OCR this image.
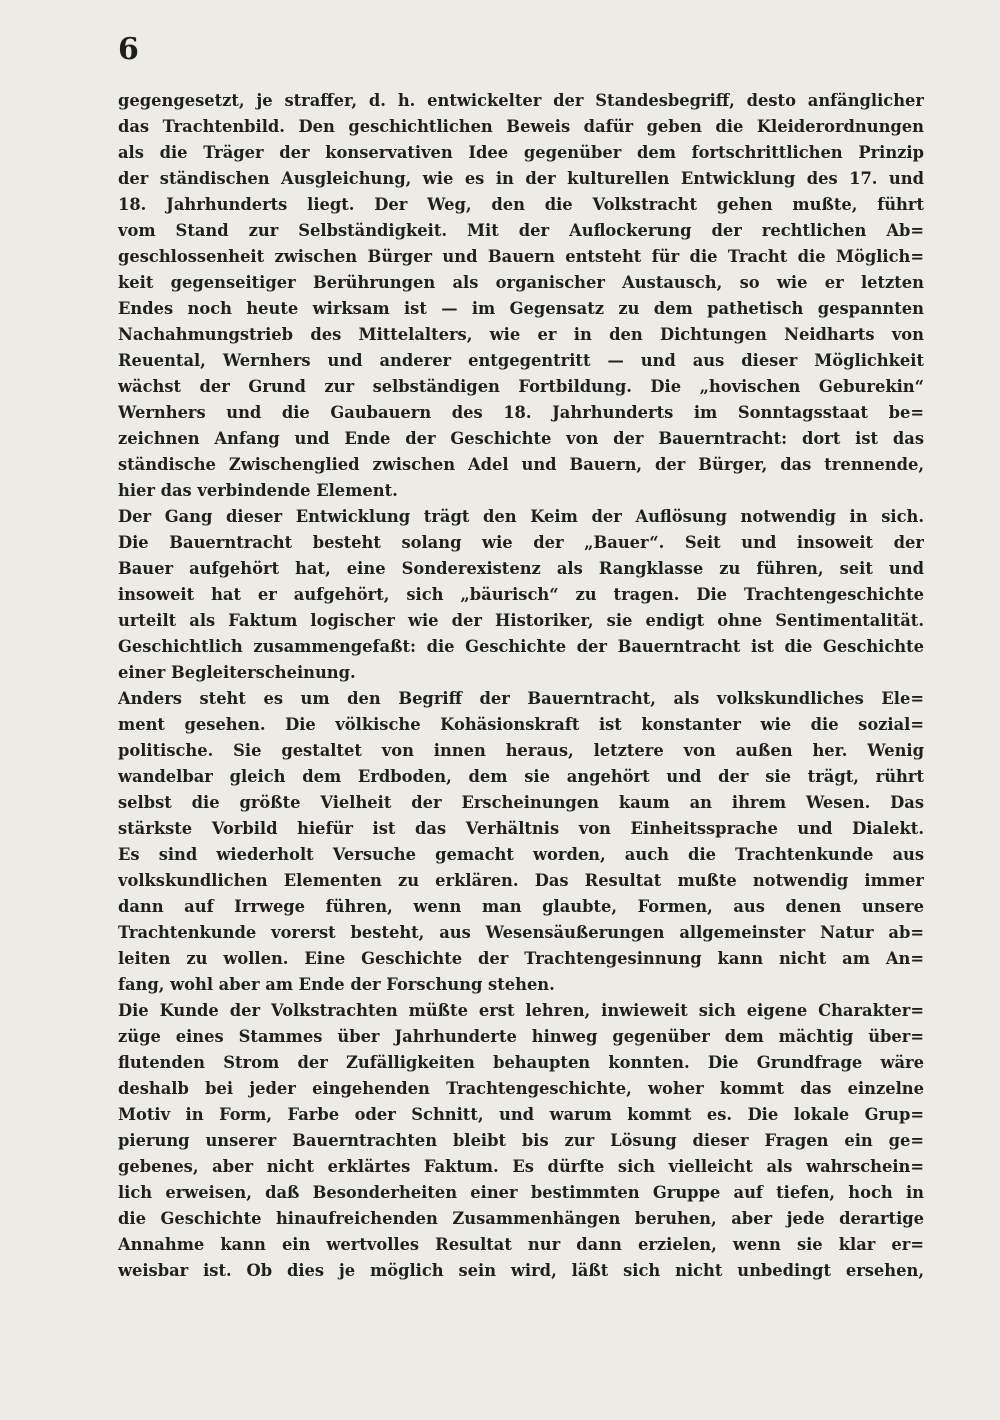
6
gegengesetzt, je straffer, d. h. entwickelter der Standesbegriff, desto anfänglicher
das Trachtenbild. Den geschichtlichen Beweis dafür geben die Kleiderordnungen
als die Träger der konservativen Idee gegenüber dem fortschrittlichen Prinzip
der ständischen Ausgleichung, wie es in der kulturellen Entwicklung des 17. und
18. Jahrhunderts liegt. Der Weg, den die Volkstracht gehen mußte, führt
vom Stand zur Selbständigkeit. Mit der Auflockerung der rechtlichen Ab=
geschlossenheit zwischen Bürger und Bauern entsteht für die Tracht die Möglich=
keit gegenseitiger Berührungen als organischer Austausch, so wie er letzten
Endes noch heute wirksam ist — im Gegensatz zu dem pathetisch gespannten
Nachahmungstrieb des Mittelalters, wie er in den Dichtungen Neidharts von
Reuental, Wernhers und anderer entgegentritt — und aus dieser Möglichkeit
wächst der Grund zur selbständigen Fortbildung. Die „hovischen Geburekin“
Wernhers und die Gaubauern des 18. Jahrhunderts im Sonntagsstaat be=
zeichnen Anfang und Ende der Geschichte von der Bauerntracht: dort ist das
ständische Zwischenglied zwischen Adel und Bauern, der Bürger, das trennende,
hier das verbindende Element.
Der Gang dieser Entwicklung trägt den Keim der Auflösung notwendig in sich.
Die Bauerntracht besteht solang wie der „Bauer“. Seit und insoweit der
Bauer aufgehört hat, eine Sonderexistenz als Rangklasse zu führen, seit und
insoweit hat er aufgehört, sich „bäurisch“ zu tragen. Die Trachtengeschichte
urteilt als Faktum logischer wie der Historiker, sie endigt ohne Sentimentalität.
Geschichtlich zusammengefaßt: die Geschichte der Bauerntracht ist die Geschichte
einer Begleiterscheinung.
Anders steht es um den Begriff der Bauerntracht, als volkskundliches Ele=
ment gesehen. Die völkische Kohäsionskraft ist konstanter wie die sozial=
politische. Sie gestaltet von innen heraus, letztere von außen her. Wenig
wandelbar gleich dem Erdboden, dem sie angehört und der sie trägt, rührt
selbst die größte Vielheit der Erscheinungen kaum an ihrem Wesen. Das
stärkste Vorbild hiefür ist das Verhältnis von Einheitssprache und Dialekt.
Es sind wiederholt Versuche gemacht worden, auch die Trachtenkunde aus
volkskundlichen Elementen zu erklären. Das Resultat mußte notwendig immer
dann auf Irrwege führen, wenn man glaubte, Formen, aus denen unsere
Trachtenkunde vorerst besteht, aus Wesensäußerungen allgemeinster Natur ab=
leiten zu wollen. Eine Geschichte der Trachtengesinnung kann nicht am An=
fang, wohl aber am Ende der Forschung stehen.
Die Kunde der Volkstrachten müßte erst lehren, inwieweit sich eigene Charakter=
züge eines Stammes über Jahrhunderte hinweg gegenüber dem mächtig über=
flutenden Strom der Zufälligkeiten behaupten konnten. Die Grundfrage wäre
deshalb bei jeder eingehenden Trachtengeschichte, woher kommt das einzelne
Motiv in Form, Farbe oder Schnitt, und warum kommt es. Die lokale Grup=
pierung unserer Bauerntrachten bleibt bis zur Lösung dieser Fragen ein ge=
gebenes, aber nicht erklärtes Faktum. Es dürfte sich vielleicht als wahrschein=
lich erweisen, daß Besonderheiten einer bestimmten Gruppe auf tiefen, hoch in
die Geschichte hinaufreichenden Zusammenhängen beruhen, aber jede derartige
Annahme kann ein wertvolles Resultat nur dann erzielen, wenn sie klar er=
weisbar ist. Ob dies je möglich sein wird, läßt sich nicht unbedingt ersehen,
